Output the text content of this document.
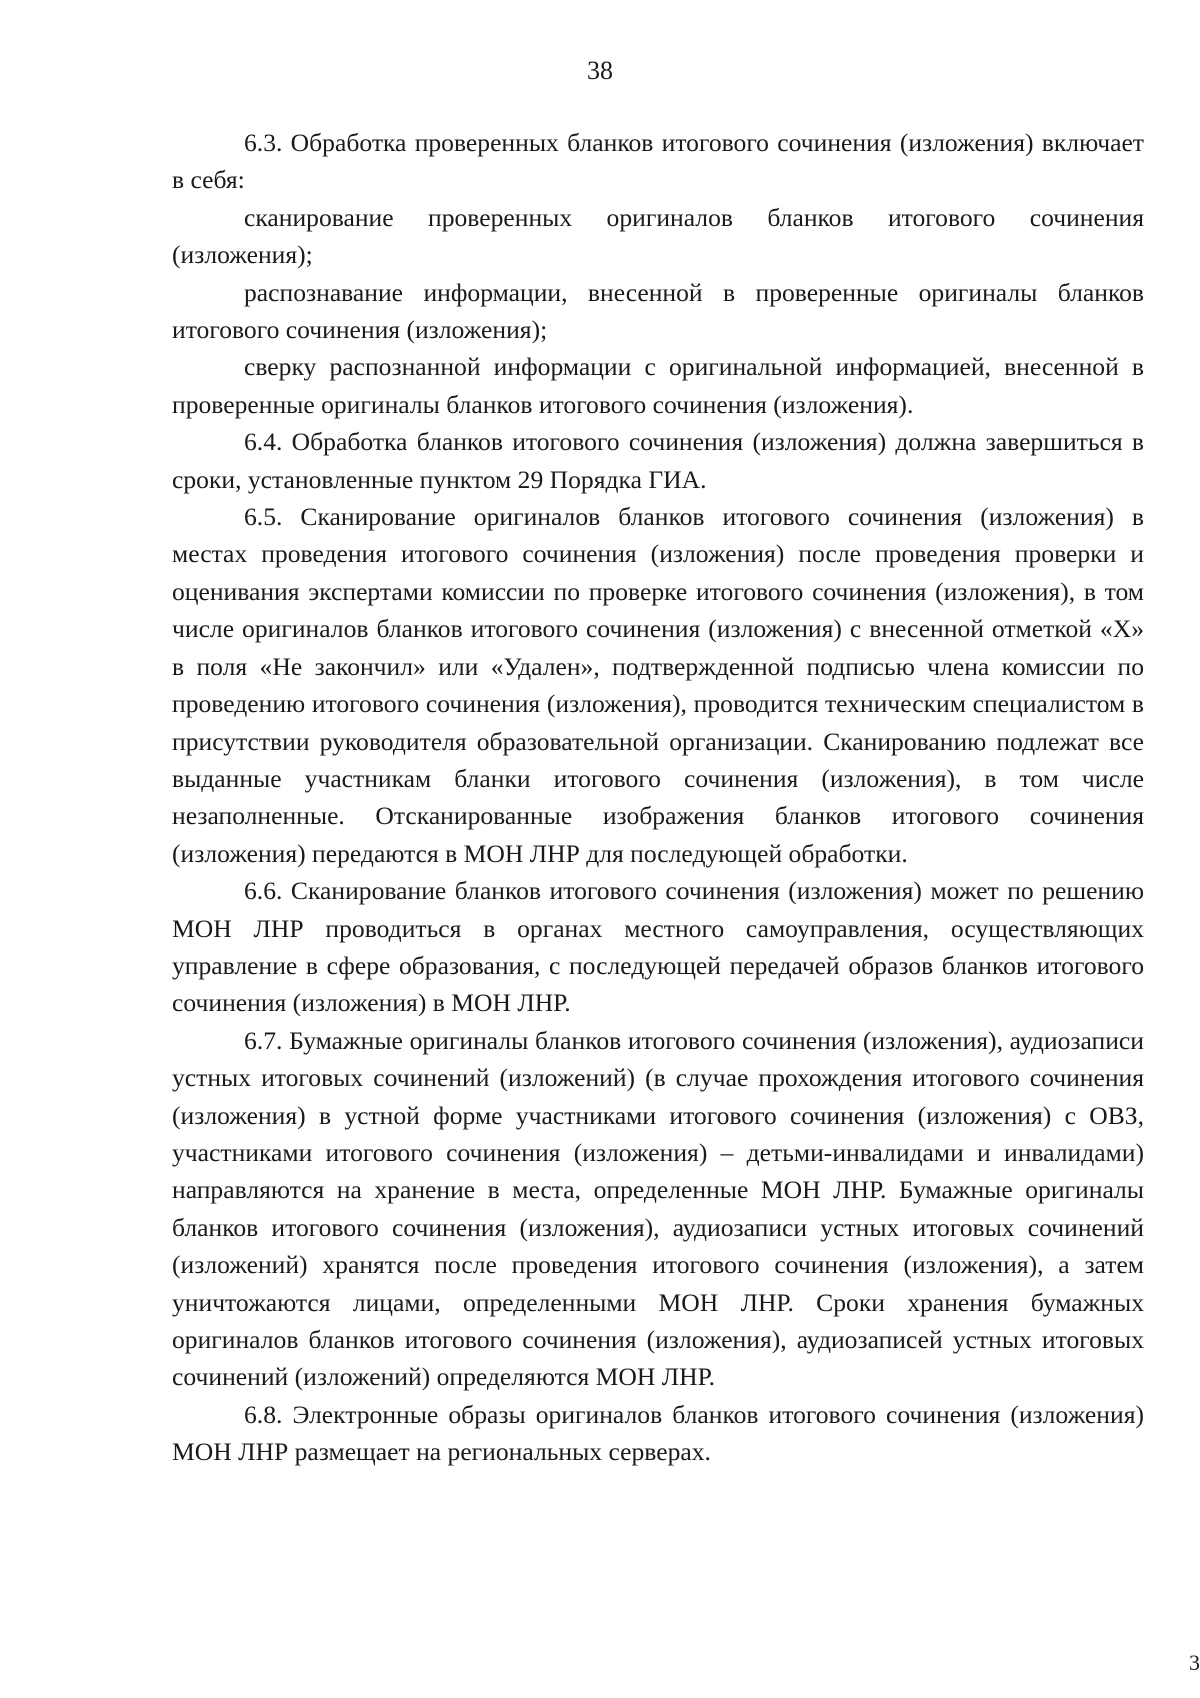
38

6.3. Обработка проверенных бланков итогового сочинения (изложения) включает в себя:

сканирование проверенных оригиналов бланков итогового сочинения (изложения);

распознавание информации, внесенной в проверенные оригиналы бланков итогового сочинения (изложения);

сверку распознанной информации с оригинальной информацией, внесенной в проверенные оригиналы бланков итогового сочинения (изложения).

6.4. Обработка бланков итогового сочинения (изложения) должна завершиться в сроки, установленные пунктом 29 Порядка ГИА.

6.5. Сканирование оригиналов бланков итогового сочинения (изложения) в местах проведения итогового сочинения (изложения) после проведения проверки и оценивания экспертами комиссии по проверке итогового сочинения (изложения), в том числе оригиналов бланков итогового сочинения (изложения) с внесенной отметкой «Х» в поля «Не закончил» или «Удален», подтвержденной подписью члена комиссии по проведению итогового сочинения (изложения), проводится техническим специалистом в присутствии руководителя образовательной организации. Сканированию подлежат все выданные участникам бланки итогового сочинения (изложения), в том числе незаполненные. Отсканированные изображения бланков итогового сочинения (изложения) передаются в МОН ЛНР для последующей обработки.

6.6. Сканирование бланков итогового сочинения (изложения) может по решению МОН ЛНР проводиться в органах местного самоуправления, осуществляющих управление в сфере образования, с последующей передачей образов бланков итогового сочинения (изложения) в МОН ЛНР.

6.7. Бумажные оригиналы бланков итогового сочинения (изложения), аудиозаписи устных итоговых сочинений (изложений) (в случае прохождения итогового сочинения (изложения) в устной форме участниками итогового сочинения (изложения) с ОВЗ, участниками итогового сочинения (изложения) – детьми-инвалидами и инвалидами) направляются на хранение в места, определенные МОН ЛНР. Бумажные оригиналы бланков итогового сочинения (изложения), аудиозаписи устных итоговых сочинений (изложений) хранятся после проведения итогового сочинения (изложения), а затем уничтожаются лицами, определенными МОН ЛНР. Сроки хранения бумажных оригиналов бланков итогового сочинения (изложения), аудиозаписей устных итоговых сочинений (изложений) определяются МОН ЛНР.

6.8. Электронные образы оригиналов бланков итогового сочинения (изложения) МОН ЛНР размещает на региональных серверах.

3
